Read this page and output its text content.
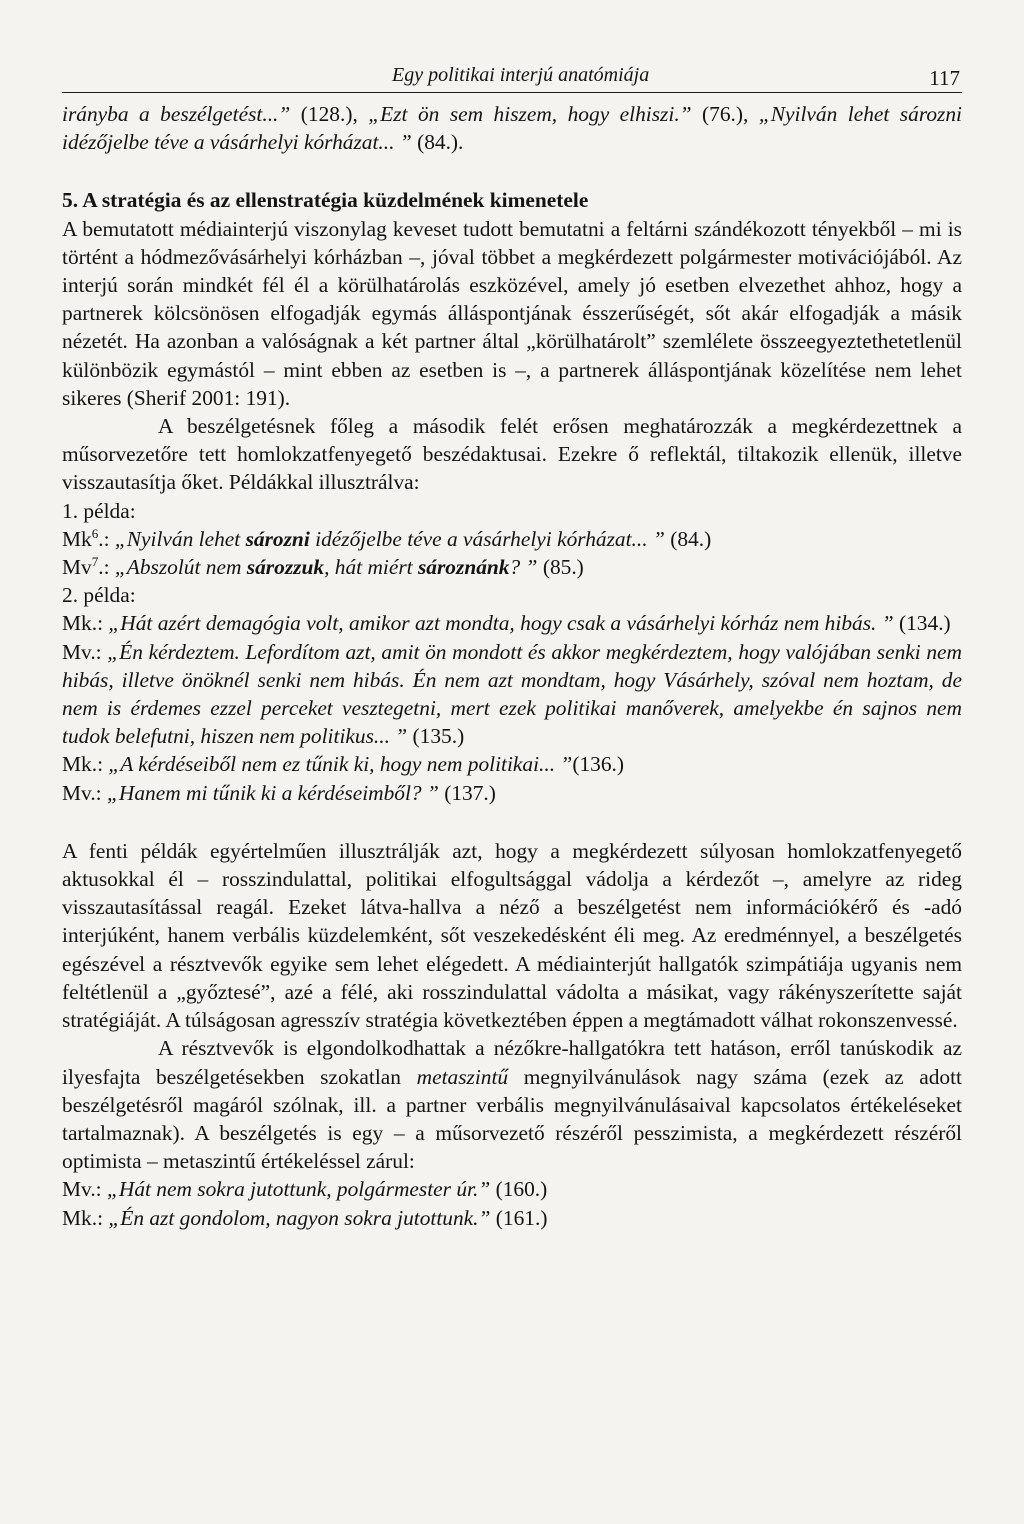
Egy politikai interjú anatómiája	117

irányba a beszélgetést...” (128.), „Ezt ön sem hiszem, hogy elhiszi.” (76.), „Nyilván lehet sározni idézőjelbe téve a vásárhelyi kórházat... ” (84.).

5. A stratégia és az ellenstratégia küzdelmének kimenetele

A bemutatott médiainterjú viszonylag keveset tudott bemutatni a feltárni szándékozott tényekből – mi is történt a hódmezővásárhelyi kórházban –, jóval többet a megkérdezett polgármester motivációjából. Az interjú során mindkét fél él a körülhatárolás eszközével, amely jó esetben elvezethet ahhoz, hogy a partnerek kölcsönösen elfogadják egymás álláspontjának ésszerűségét, sőt akár elfogadják a másik nézetét. Ha azonban a valóságnak a két partner által „körülhatárolt” szemlélete összeegyeztethetetlenül különbözik egymástól – mint ebben az esetben is –, a partnerek álláspontjának közelítése nem lehet sikeres (Sherif 2001: 191).

A beszélgetésnek főleg a második felét erősen meghatározzák a megkérdezettnek a műsorvezetőre tett homlokzatfenyegető beszédaktusai. Ezekre ő reflektál, tiltakozik ellenük, illetve visszautasítja őket. Példákkal illusztrálva:

1. példa:
Mk$^6$.: „Nyilván lehet sározni idézőjelbe téve a vásárhelyi kórházat... ” (84.)
Mv$^7$.: „Abszolút nem sározzuk, hát miért sároznánk? ” (85.)
2. példa:

Mk.: „Hát azért demagógia volt, amikor azt mondta, hogy csak a vásárhelyi kórház nem hibás. ” (134.)

Mv.: „Én kérdeztem. Lefordítom azt, amit ön mondott és akkor megkérdeztem, hogy valójában senki nem hibás, illetve önöknél senki nem hibás. Én nem azt mondtam, hogy Vásárhely, szóval nem hoztam, de nem is érdemes ezzel perceket vesztegetni, mert ezek politikai manőverek, amelyekbe én sajnos nem tudok belefutni, hiszen nem politikus... ” (135.)

Mk.: „A kérdéseiből nem ez tűnik ki, hogy nem politikai... ”(136.)
Mv.: „Hanem mi tűnik ki a kérdéseimből? ” (137.)

A fenti példák egyértelműen illusztrálják azt, hogy a megkérdezett súlyosan homlokzatfenyegető aktusokkal él – rosszindulattal, politikai elfogultsággal vádolja a kérdezőt –, amelyre az rideg visszautasítással reagál. Ezeket látva-hallva a néző a beszélgetést nem információkérő és -adó interjúként, hanem verbális küzdelemként, sőt veszekedésként éli meg. Az eredménnyel, a beszélgetés egészével a résztvevők egyike sem lehet elégedett. A médiainterjút hallgatók szimpátiája ugyanis nem feltétlenül a „győztesé”, azé a félé, aki rosszindulattal vádolta a másikat, vagy rákényszerítette saját stratégiáját. A túlságosan agresszív stratégia következtében éppen a megtámadott válhat rokonszenvessé.

A résztvevők is elgondolkodhattak a nézőkre-hallgatókra tett hatáson, erről tanúskodik az ilyesfajta beszélgetésekben szokatlan metaszintű megnyilvánulások nagy száma (ezek az adott beszélgetésről magáról szólnak, ill. a partner verbális megnyilvánulásaival kapcsolatos értékeléseket tartalmaznak). A beszélgetés is egy – a műsorvezető részéről pesszimista, a megkérdezett részéről optimista – metaszintű értékeléssel zárul:

Mv.: „Hát nem sokra jutottunk, polgármester úr.” (160.)
Mk.: „Én azt gondolom, nagyon sokra jutottunk.” (161.)
